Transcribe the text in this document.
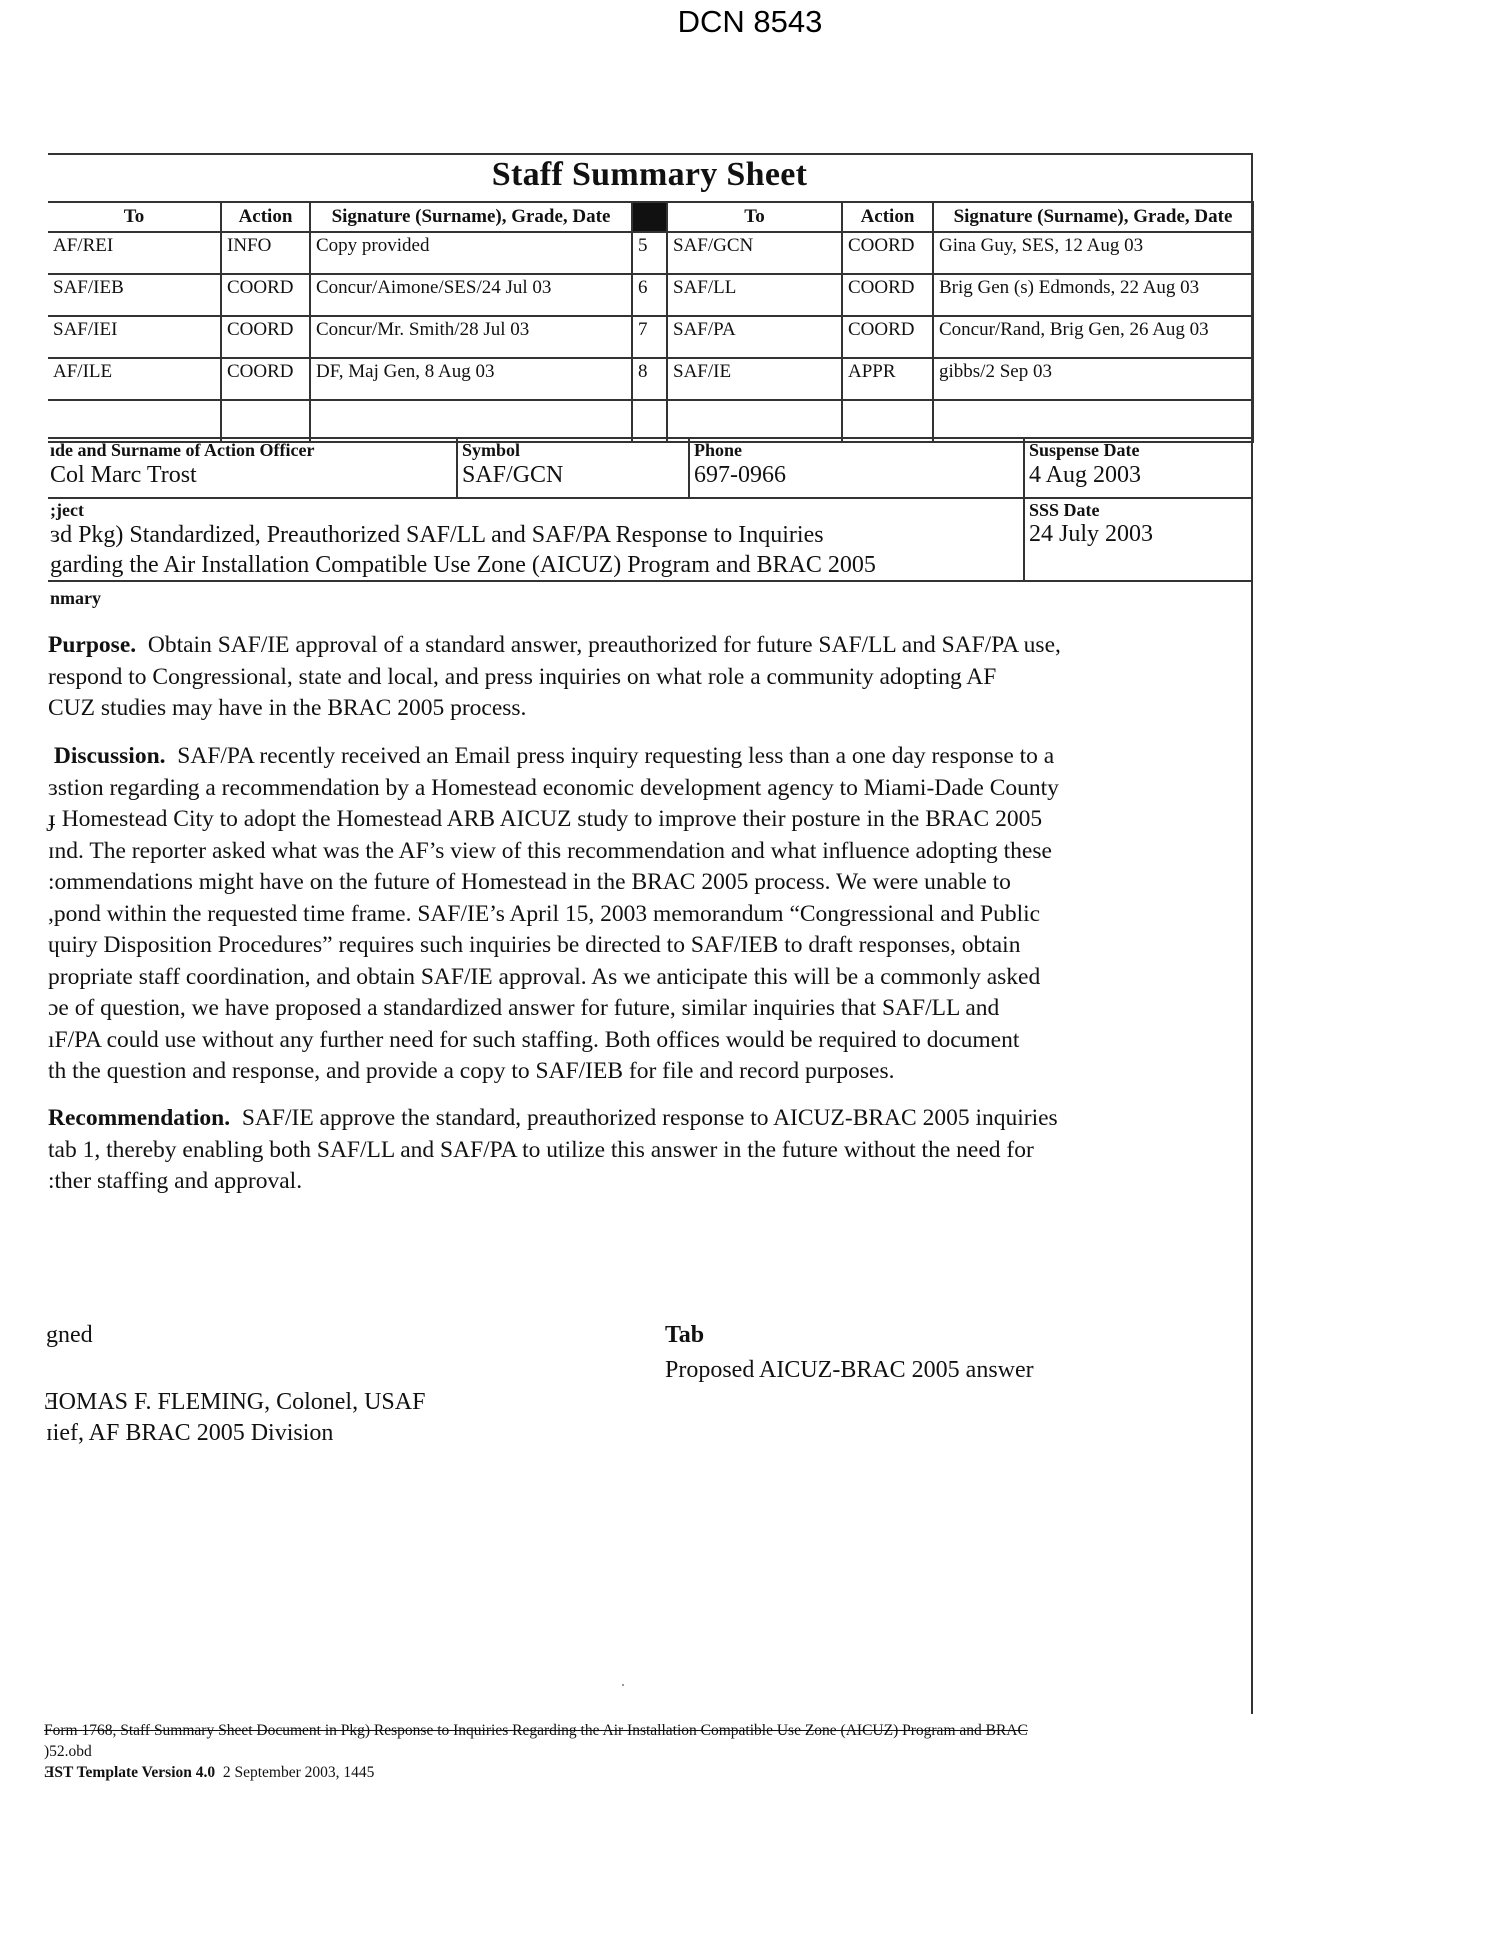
DCN 8543
Staff Summary Sheet
To	Action	Signature (Surname), Grade, Date		To	Action	Signature (Surname), Grade, Date
AF/REI	INFO	Copy provided	5	SAF/GCN	COORD	Gina Guy, SES, 12 Aug 03
SAF/IEB	COORD	Concur/Aimone/SES/24 Jul 03	6	SAF/LL	COORD	Brig Gen (s) Edmonds, 22 Aug 03
SAF/IEI	COORD	Concur/Mr. Smith/28 Jul 03	7	SAF/PA	COORD	Concur/Rand, Brig Gen, 26 Aug 03
AF/ILE	COORD	DF, Maj Gen, 8 Aug 03	8	SAF/IE	APPR	gibbs/2 Sep 03

ıde and Surname of Action Officer
Col Marc Trost
Symbol
SAF/GCN
Phone
697-0966
Suspense Date
4 Aug 2003
;ject
ɜd Pkg) Standardized, Preauthorized SAF/LL and SAF/PA Response to Inquiries
garding the Air Installation Compatible Use Zone (AICUZ) Program and BRAC 2005
SSS Date
24 July 2003
nmary
Purpose. Obtain SAF/IE approval of a standard answer, preauthorized for future SAF/LL and SAF/PA use,
respond to Congressional, state and local, and press inquiries on what role a community adopting AF
CUZ studies may have in the BRAC 2005 process.
Discussion. SAF/PA recently received an Email press inquiry requesting less than a one day response to a
ɜstion regarding a recommendation by a Homestead economic development agency to Miami-Dade County
ɟ Homestead City to adopt the Homestead ARB AICUZ study to improve their posture in the BRAC 2005
ɪnd. The reporter asked what was the AF’s view of this recommendation and what influence adopting these
:ommendations might have on the future of Homestead in the BRAC 2005 process. We were unable to
,pond within the requested time frame. SAF/IE’s April 15, 2003 memorandum “Congressional and Public
ɥuiry Disposition Procedures” requires such inquiries be directed to SAF/IEB to draft responses, obtain
propriate staff coordination, and obtain SAF/IE approval. As we anticipate this will be a commonly asked
ɔe of question, we have proposed a standardized answer for future, similar inquiries that SAF/LL and
ıF/PA could use without any further need for such staffing. Both offices would be required to document
th the question and response, and provide a copy to SAF/IEB for file and record purposes.
Recommendation. SAF/IE approve the standard, preauthorized response to AICUZ-BRAC 2005 inquiries
tab 1, thereby enabling both SAF/LL and SAF/PA to utilize this answer in the future without the need for
:ther staffing and approval.
gned
ƎOMAS F. FLEMING, Colonel, USAF
ɪief, AF BRAC 2005 Division
Tab
Proposed AICUZ-BRAC 2005 answer
Form 1768, Staff Summary Sheet Document in Pkg) Response to Inquiries Regarding the Air Installation Compatible Use Zone (AICUZ) Program and BRAC
)52.obd
ƎST Template Version 4.0 2 September 2003, 1445
